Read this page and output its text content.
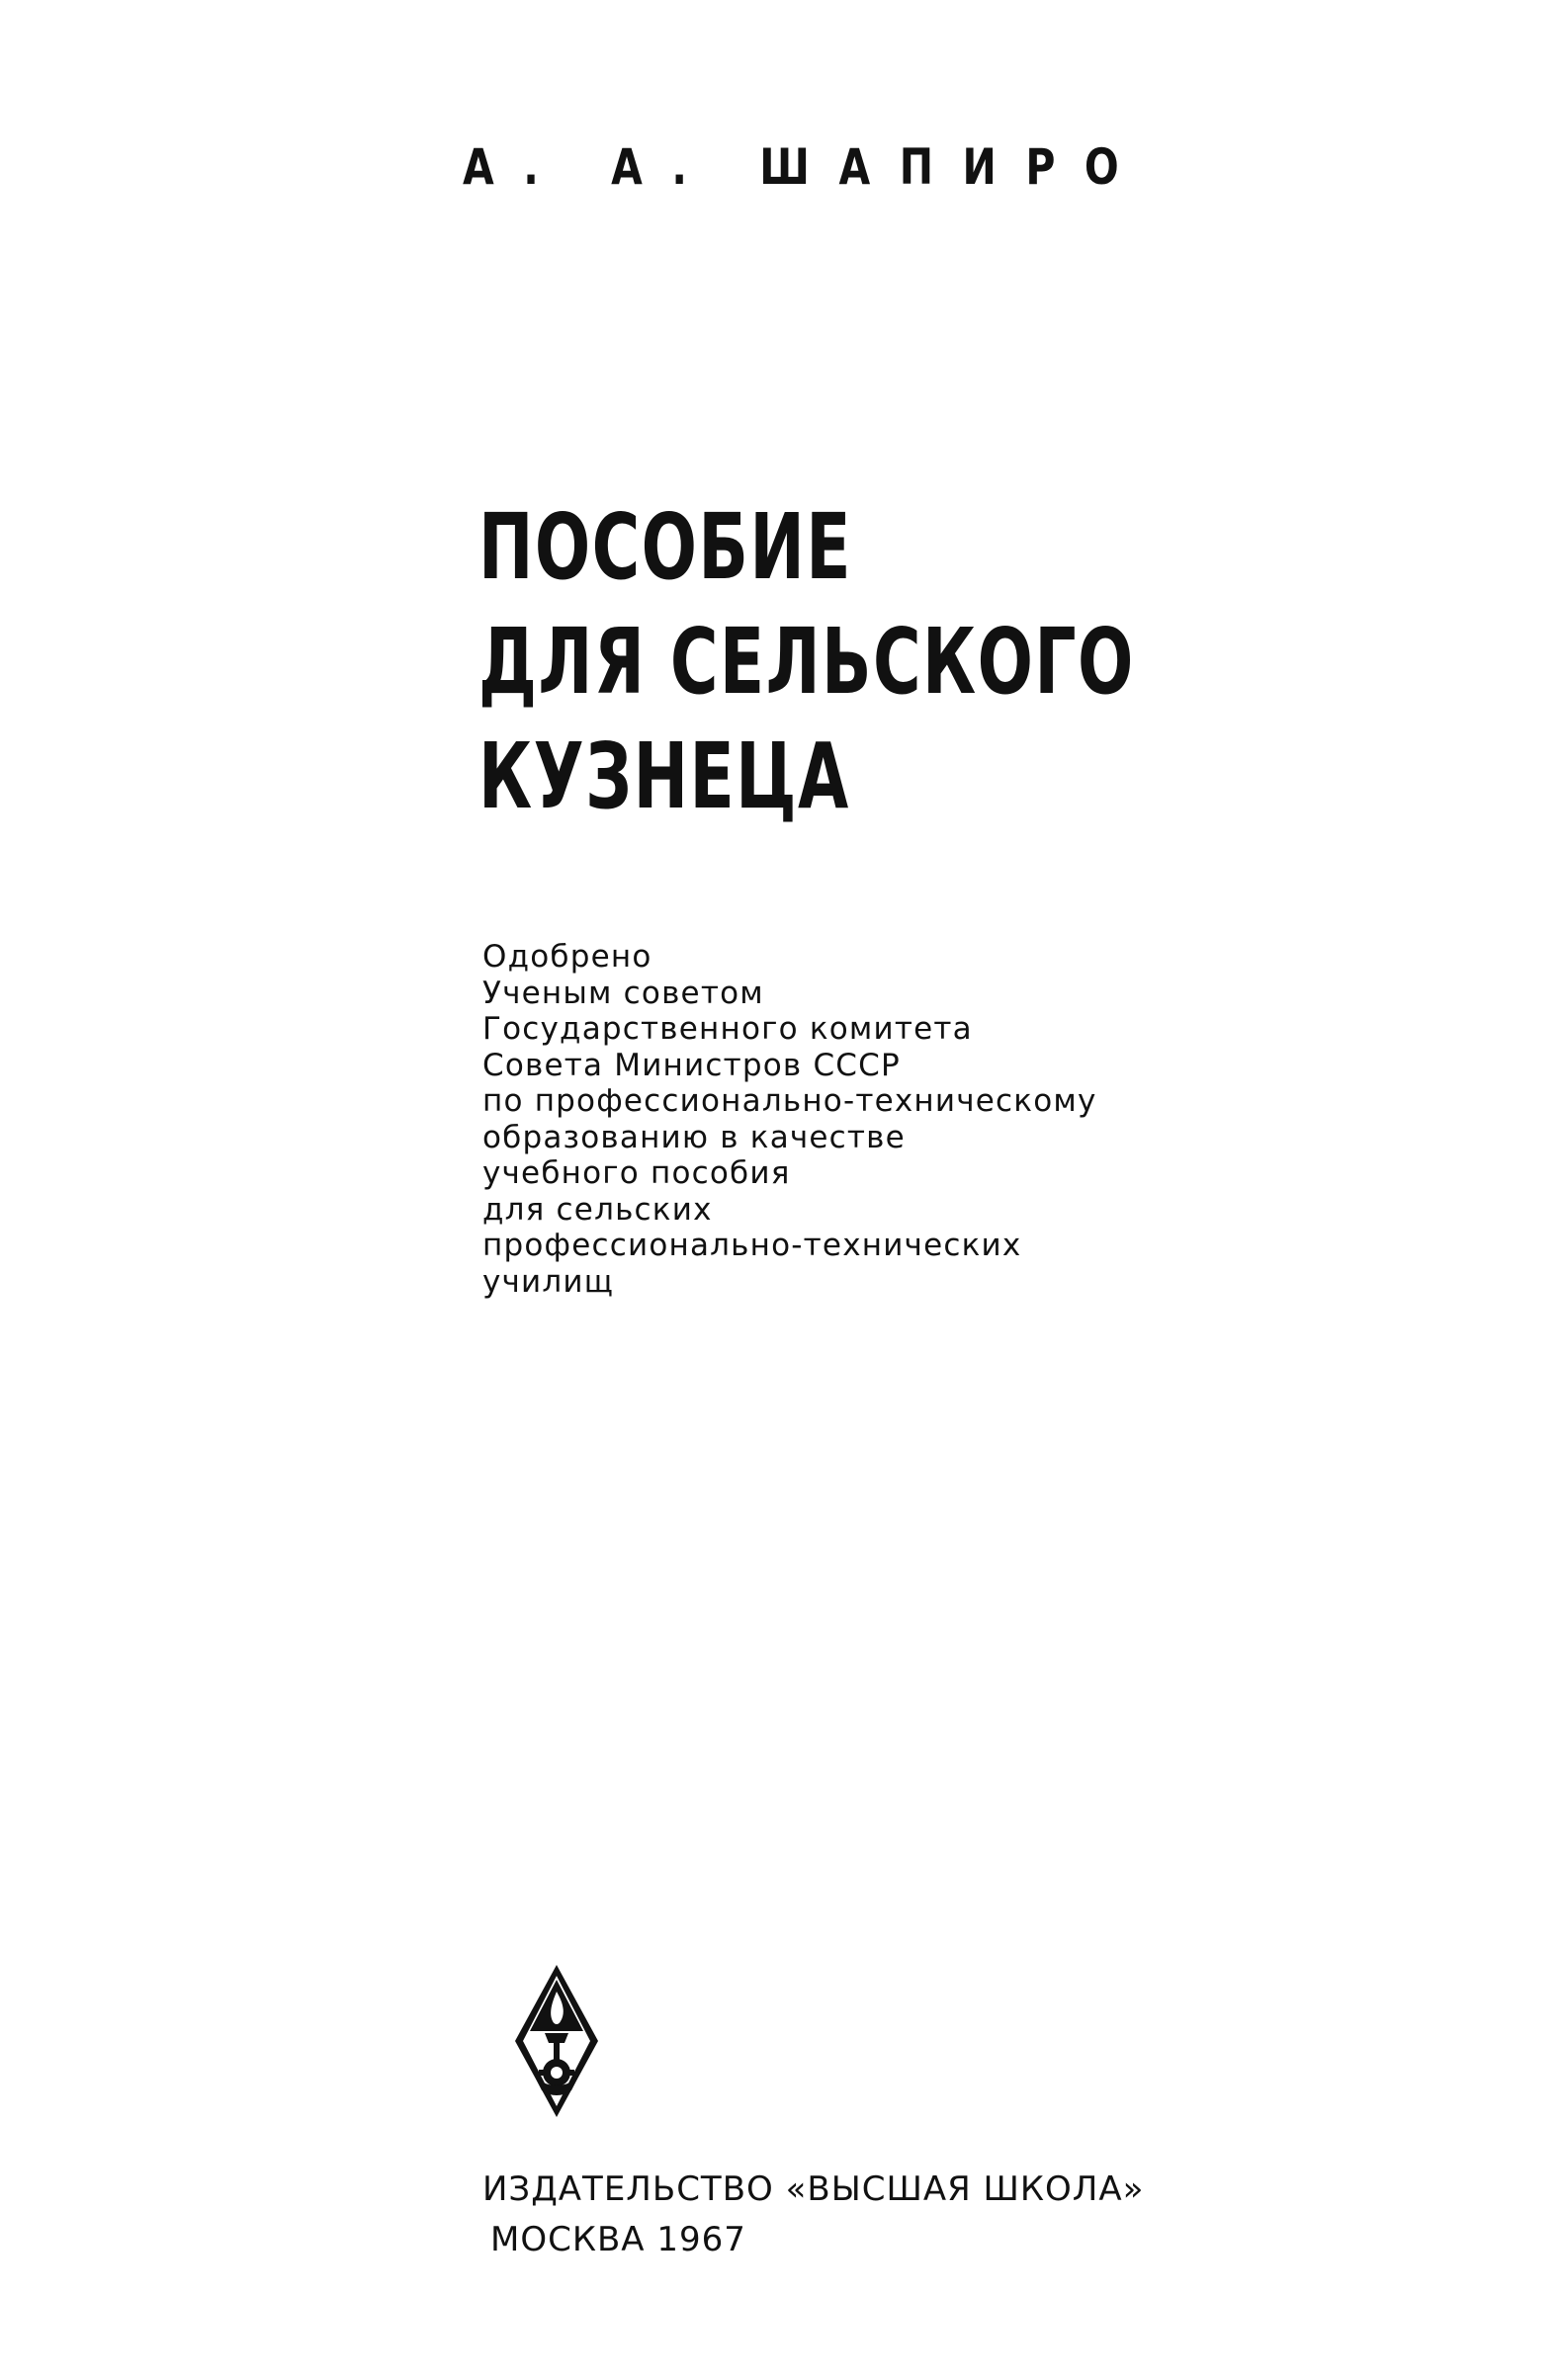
А. А. ШАПИРО
ПОСОБИЕ
ДЛЯ СЕЛЬСКОГО
КУЗНЕЦА
Одобрено
Ученым советом
Государственного комитета
Совета Министров СССР
по профессионально-техническому
образованию в качестве
учебного пособия
для сельских
профессионально-технических
училищ
ИЗДАТЕЛЬСТВО «ВЫСШАЯ ШКОЛА»
МОСКВА 1967
